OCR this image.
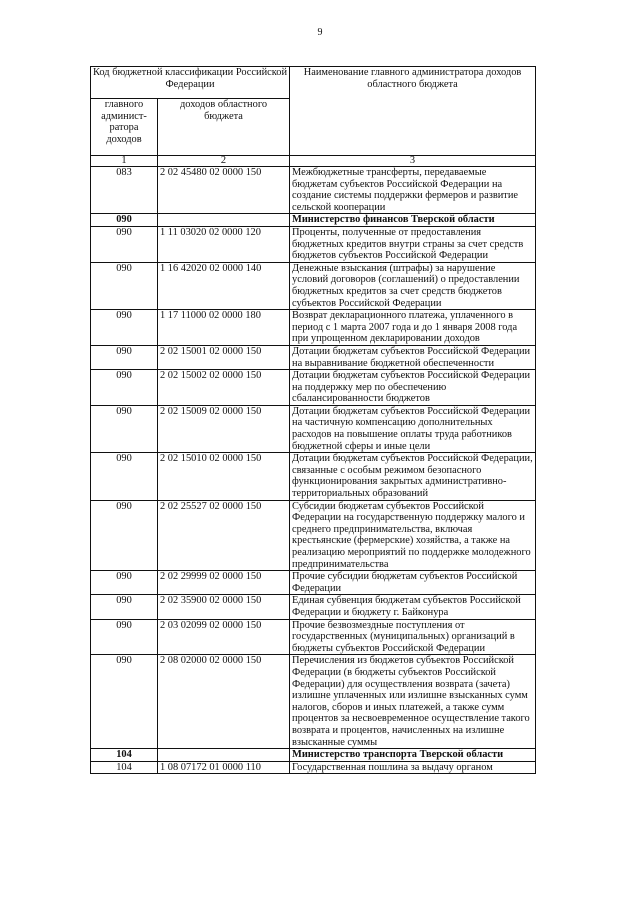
9
Код бюджетной классификации Российской Федерации		Наименование главного администратора доходов областного бюджета
главного админист-ратора доходов	доходов областного бюджета	
1	2	3
083	2 02 45480 02 0000 150	Межбюджетные трансферты, передаваемые бюджетам субъектов Российской Федерации на создание системы поддержки фермеров и развитие сельской кооперации
090		Министерство финансов Тверской области
090	1 11 03020 02 0000 120	Проценты, полученные от предоставления бюджетных кредитов внутри страны за счет средств бюджетов субъектов Российской Федерации
090	1 16 42020 02 0000 140	Денежные взыскания (штрафы) за нарушение условий договоров (соглашений) о предоставлении бюджетных кредитов за счет средств бюджетов субъектов Российской Федерации
090	1 17 11000 02 0000 180	Возврат декларационного платежа, уплаченного в период с 1 марта 2007 года и до 1 января 2008 года при упрощенном декларировании доходов
090	2 02 15001 02 0000 150	Дотации бюджетам субъектов Российской Федерации на выравнивание бюджетной обеспеченности
090	2 02 15002 02 0000 150	Дотации бюджетам субъектов Российской Федерации на поддержку мер по обеспечению сбалансированности бюджетов
090	2 02 15009 02 0000 150	Дотации бюджетам субъектов Российской Федерации на частичную компенсацию дополнительных расходов на повышение оплаты труда работников бюджетной сферы и иные цели
090	2 02 15010 02 0000 150	Дотации бюджетам субъектов Российской Федерации, связанные с особым режимом безопасного функционирования закрытых административно-территориальных образований
090	2 02 25527 02 0000 150	Субсидии бюджетам субъектов Российской Федерации на государственную поддержку малого и среднего предпринимательства, включая крестьянские (фермерские) хозяйства, а также на реализацию мероприятий по поддержке молодежного предпринимательства
090	2 02 29999 02 0000 150	Прочие субсидии бюджетам субъектов Российской Федерации
090	2 02 35900 02 0000 150	Единая субвенция бюджетам субъектов Российской Федерации и бюджету г. Байконура
090	2 03 02099 02 0000 150	Прочие безвозмездные поступления от государственных (муниципальных) организаций в бюджеты субъектов Российской Федерации
090	2 08 02000 02 0000 150	Перечисления из бюджетов субъектов Российской Федерации (в бюджеты субъектов Российской Федерации) для осуществления возврата (зачета) излишне уплаченных или излишне взысканных сумм налогов, сборов и иных платежей, а также сумм процентов за несвоевременное осуществление такого возврата и процентов, начисленных на излишне взысканные суммы
104		Министерство транспорта Тверской области
104	1 08 07172 01 0000 110	Государственная пошлина за выдачу органом
